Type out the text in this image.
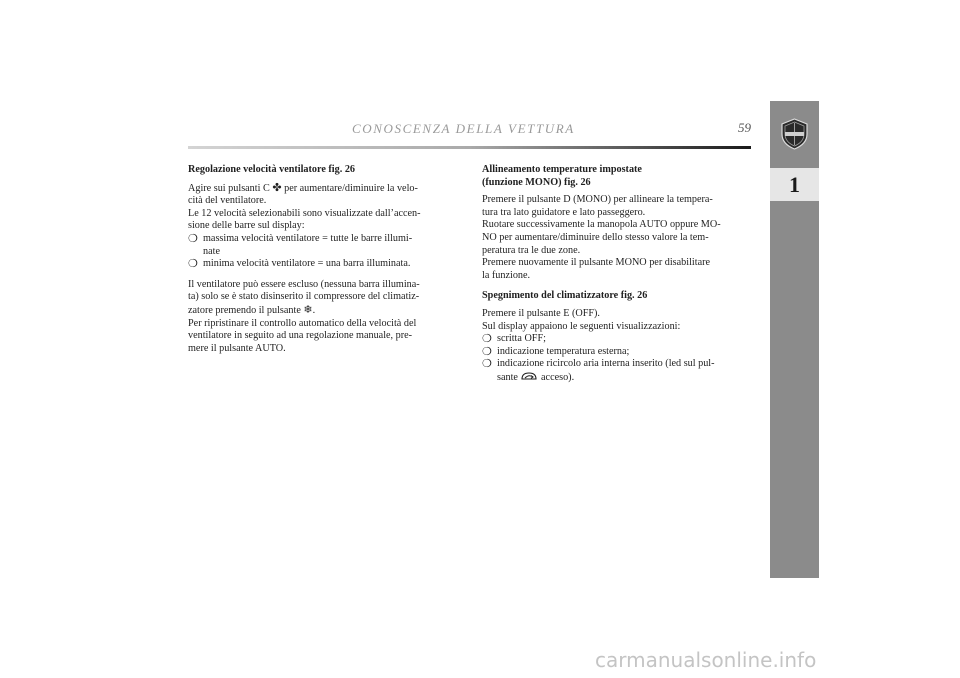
CONOSCENZA DELLA VETTURA	59
1

Regolazione velocità ventilatore fig. 26

Agire sui pulsanti C ✤ per aumentare/diminuire la velo-

cità del ventilatore.

Le 12 velocità selezionabili sono visualizzate dall’accen-

sione delle barre sul display:

❍ massima velocità ventilatore = tutte le barre illumi-
nate
❍ minima velocità ventilatore = una barra illuminata.

Il ventilatore può essere escluso (nessuna barra illumina-

ta) solo se è stato disinserito il compressore del climatiz-

zatore premendo il pulsante ❄.

Per ripristinare il controllo automatico della velocità del

ventilatore in seguito ad una regolazione manuale, pre-

mere il pulsante AUTO.

Allineamento temperature impostate

(funzione MONO) fig. 26

Premere il pulsante D (MONO) per allineare la tempera-

tura tra lato guidatore e lato passeggero.

Ruotare successivamente la manopola AUTO oppure MO-

NO per aumentare/diminuire dello stesso valore la tem-

peratura tra le due zone.

Premere nuovamente il pulsante MONO per disabilitare

la funzione.

Spegnimento del climatizzatore fig. 26

Premere il pulsante E (OFF).

Sul display appaiono le seguenti visualizzazioni:

❍ scritta OFF;
❍ indicazione temperatura esterna;
❍ indicazione ricircolo aria interna inserito (led sul pul-
sante  acceso).
carmanualsonline.info
